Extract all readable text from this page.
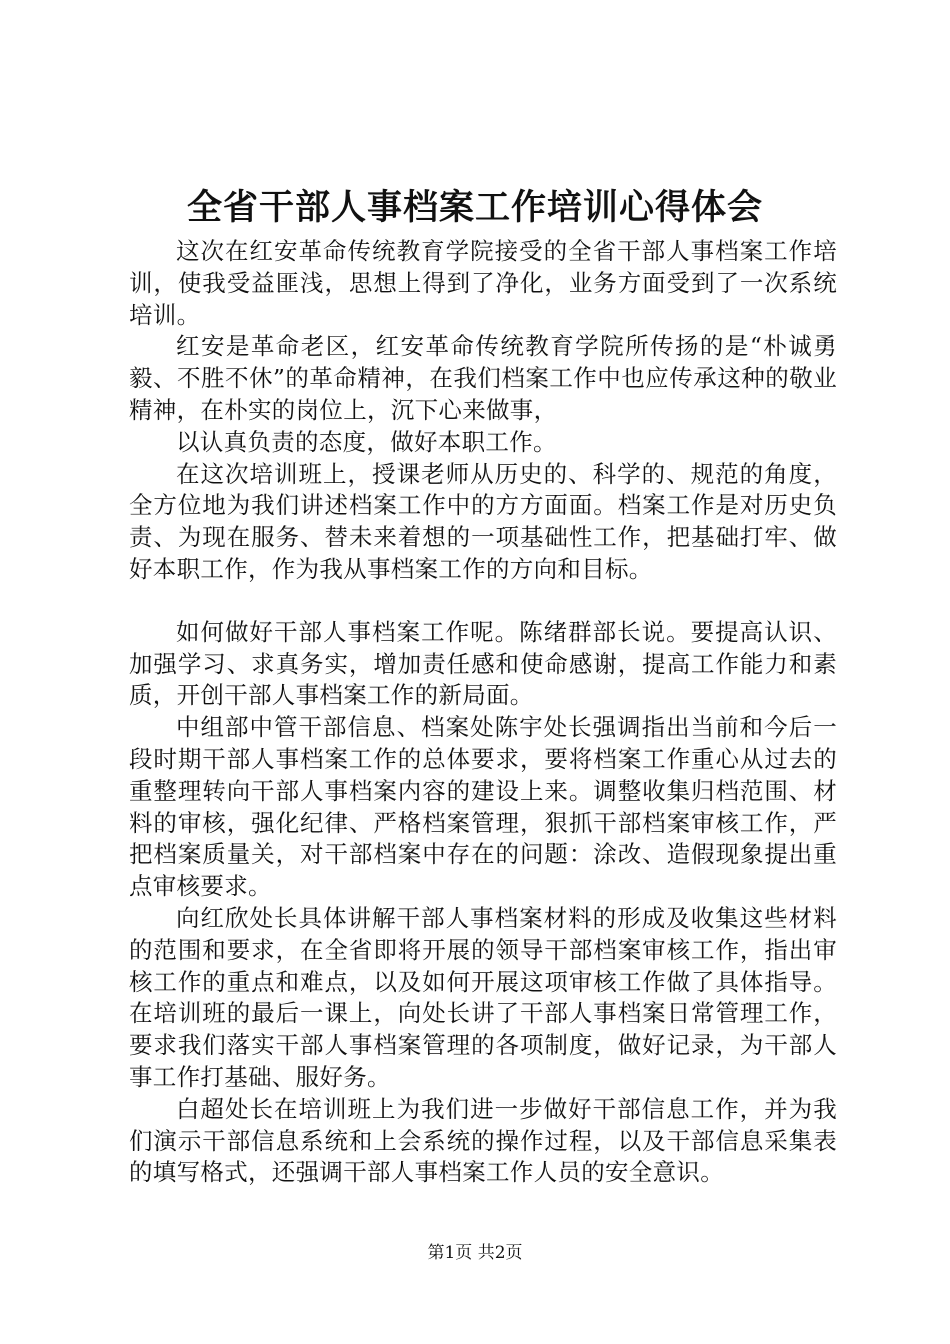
全省干部人事档案工作培训心得体会

这次在红安革命传统教育学院接受的全省干部人事档案工作培训，使我受益匪浅，思想上得到了净化，业务方面受到了一次系统培训。

红安是革命老区，红安革命传统教育学院所传扬的是“朴诚勇毅、不胜不休”的革命精神，在我们档案工作中也应传承这种的敬业精神，在朴实的岗位上，沉下心来做事，

以认真负责的态度，做好本职工作。

在这次培训班上，授课老师从历史的、科学的、规范的角度，全方位地为我们讲述档案工作中的方方面面。档案工作是对历史负责、为现在服务、替未来着想的一项基础性工作，把基础打牢、做好本职工作，作为我从事档案工作的方向和目标。

如何做好干部人事档案工作呢。陈绪群部长说。要提高认识、加强学习、求真务实，增加责任感和使命感谢，提高工作能力和素质，开创干部人事档案工作的新局面。

中组部中管干部信息、档案处陈宇处长强调指出当前和今后一段时期干部人事档案工作的总体要求，要将档案工作重心从过去的重整理转向干部人事档案内容的建设上来。调整收集归档范围、材料的审核，强化纪律、严格档案管理，狠抓干部档案审核工作，严把档案质量关，对干部档案中存在的问题：涂改、造假现象提出重点审核要求。

向红欣处长具体讲解干部人事档案材料的形成及收集这些材料的范围和要求，在全省即将开展的领导干部档案审核工作，指出审核工作的重点和难点，以及如何开展这项审核工作做了具体指导。在培训班的最后一课上，向处长讲了干部人事档案日常管理工作，要求我们落实干部人事档案管理的各项制度，做好记录，为干部人事工作打基础、服好务。

白超处长在培训班上为我们进一步做好干部信息工作，并为我们演示干部信息系统和上会系统的操作过程，以及干部信息采集表的填写格式，还强调干部人事档案工作人员的安全意识。

第1页 共2页
